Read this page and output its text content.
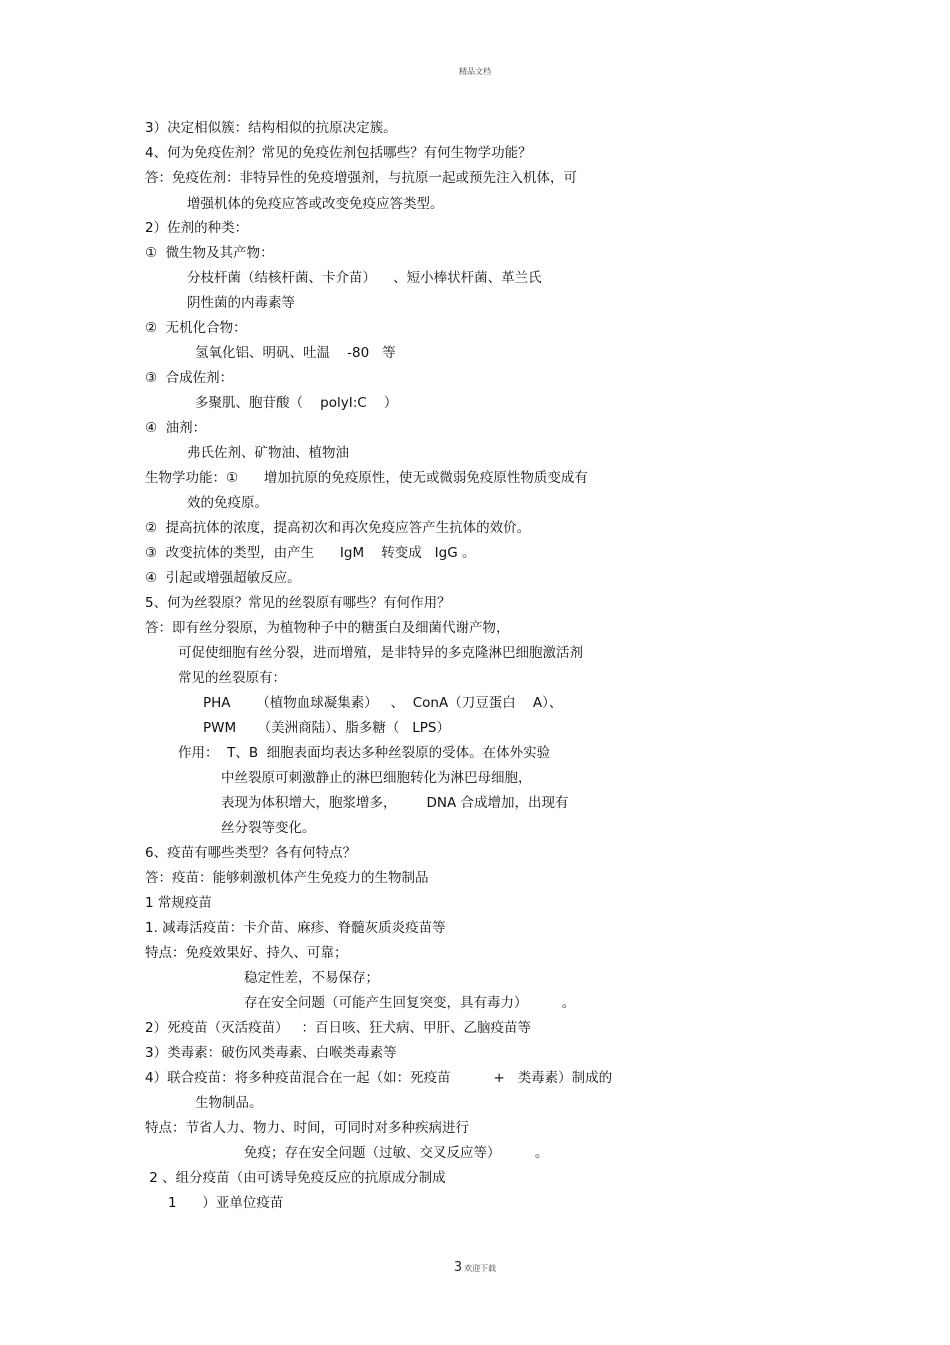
精品文档
3）决定相似簇：结构相似的抗原决定簇。
4、何为免疫佐剂？常见的免疫佐剂包括哪些？有何生物学功能？
答：免疫佐剂：非特异性的免疫增强剂，与抗原一起或预先注入机体，可
增强机体的免疫应答或改变免疫应答类型。
2）佐剂的种类：
①  微生物及其产物：
分枝杆菌（结核杆菌、卡介苗）    、短小棒状杆菌、革兰氏
阴性菌的内毒素等
②  无机化合物：
氢氧化铝、明矾、吐温    -80   等
③  合成佐剂：
多聚肌、胞苷酸（    polyI:C    ）
④  油剂：
弗氏佐剂、矿物油、植物油
生物学功能：①      增加抗原的免疫原性，使无或微弱免疫原性物质变成有
效的免疫原。
②  提高抗体的浓度，提高初次和再次免疫应答产生抗体的效价。
③  改变抗体的类型，由产生      IgM    转变成   IgG 。
④  引起或增强超敏反应。
5、何为丝裂原？常见的丝裂原有哪些？有何作用？
答：即有丝分裂原，为植物种子中的糖蛋白及细菌代谢产物，
可促使细胞有丝分裂，进而增殖，是非特异的多克隆淋巴细胞激活剂
常见的丝裂原有：
PHA      （植物血球凝集素）   、  ConA（刀豆蛋白    A）、
PWM     （美洲商陆）、脂多糖（   LPS）
作用：  T、B  细胞表面均表达多种丝裂原的受体。在体外实验
中丝裂原可刺激静止的淋巴细胞转化为淋巴母细胞，
表现为体积增大，胞浆增多，       DNA 合成增加，出现有
丝分裂等变化。
6、疫苗有哪些类型？各有何特点？
答：疫苗：能够刺激机体产生免疫力的生物制品
1 常规疫苗
1. 减毒活疫苗：卡介苗、麻疹、脊髓灰质炎疫苗等
特点：免疫效果好、持久、可靠；
稳定性差，不易保存；
存在安全问题（可能产生回复突变，具有毒力）        。
2）死疫苗（灭活疫苗）   ：百日咳、狂犬病、甲肝、乙脑疫苗等
3）类毒素：破伤风类毒素、白喉类毒素等
4）联合疫苗：将多种疫苗混合在一起（如：死疫苗          +   类毒素）制成的
生物制品。
特点：节省人力、物力、时间，可同时对多种疾病进行
免疫；存在安全问题（过敏、交叉反应等）        。
2 、组分疫苗（由可诱导免疫反应的抗原成分制成
1      ）亚单位疫苗
3 欢迎下载
